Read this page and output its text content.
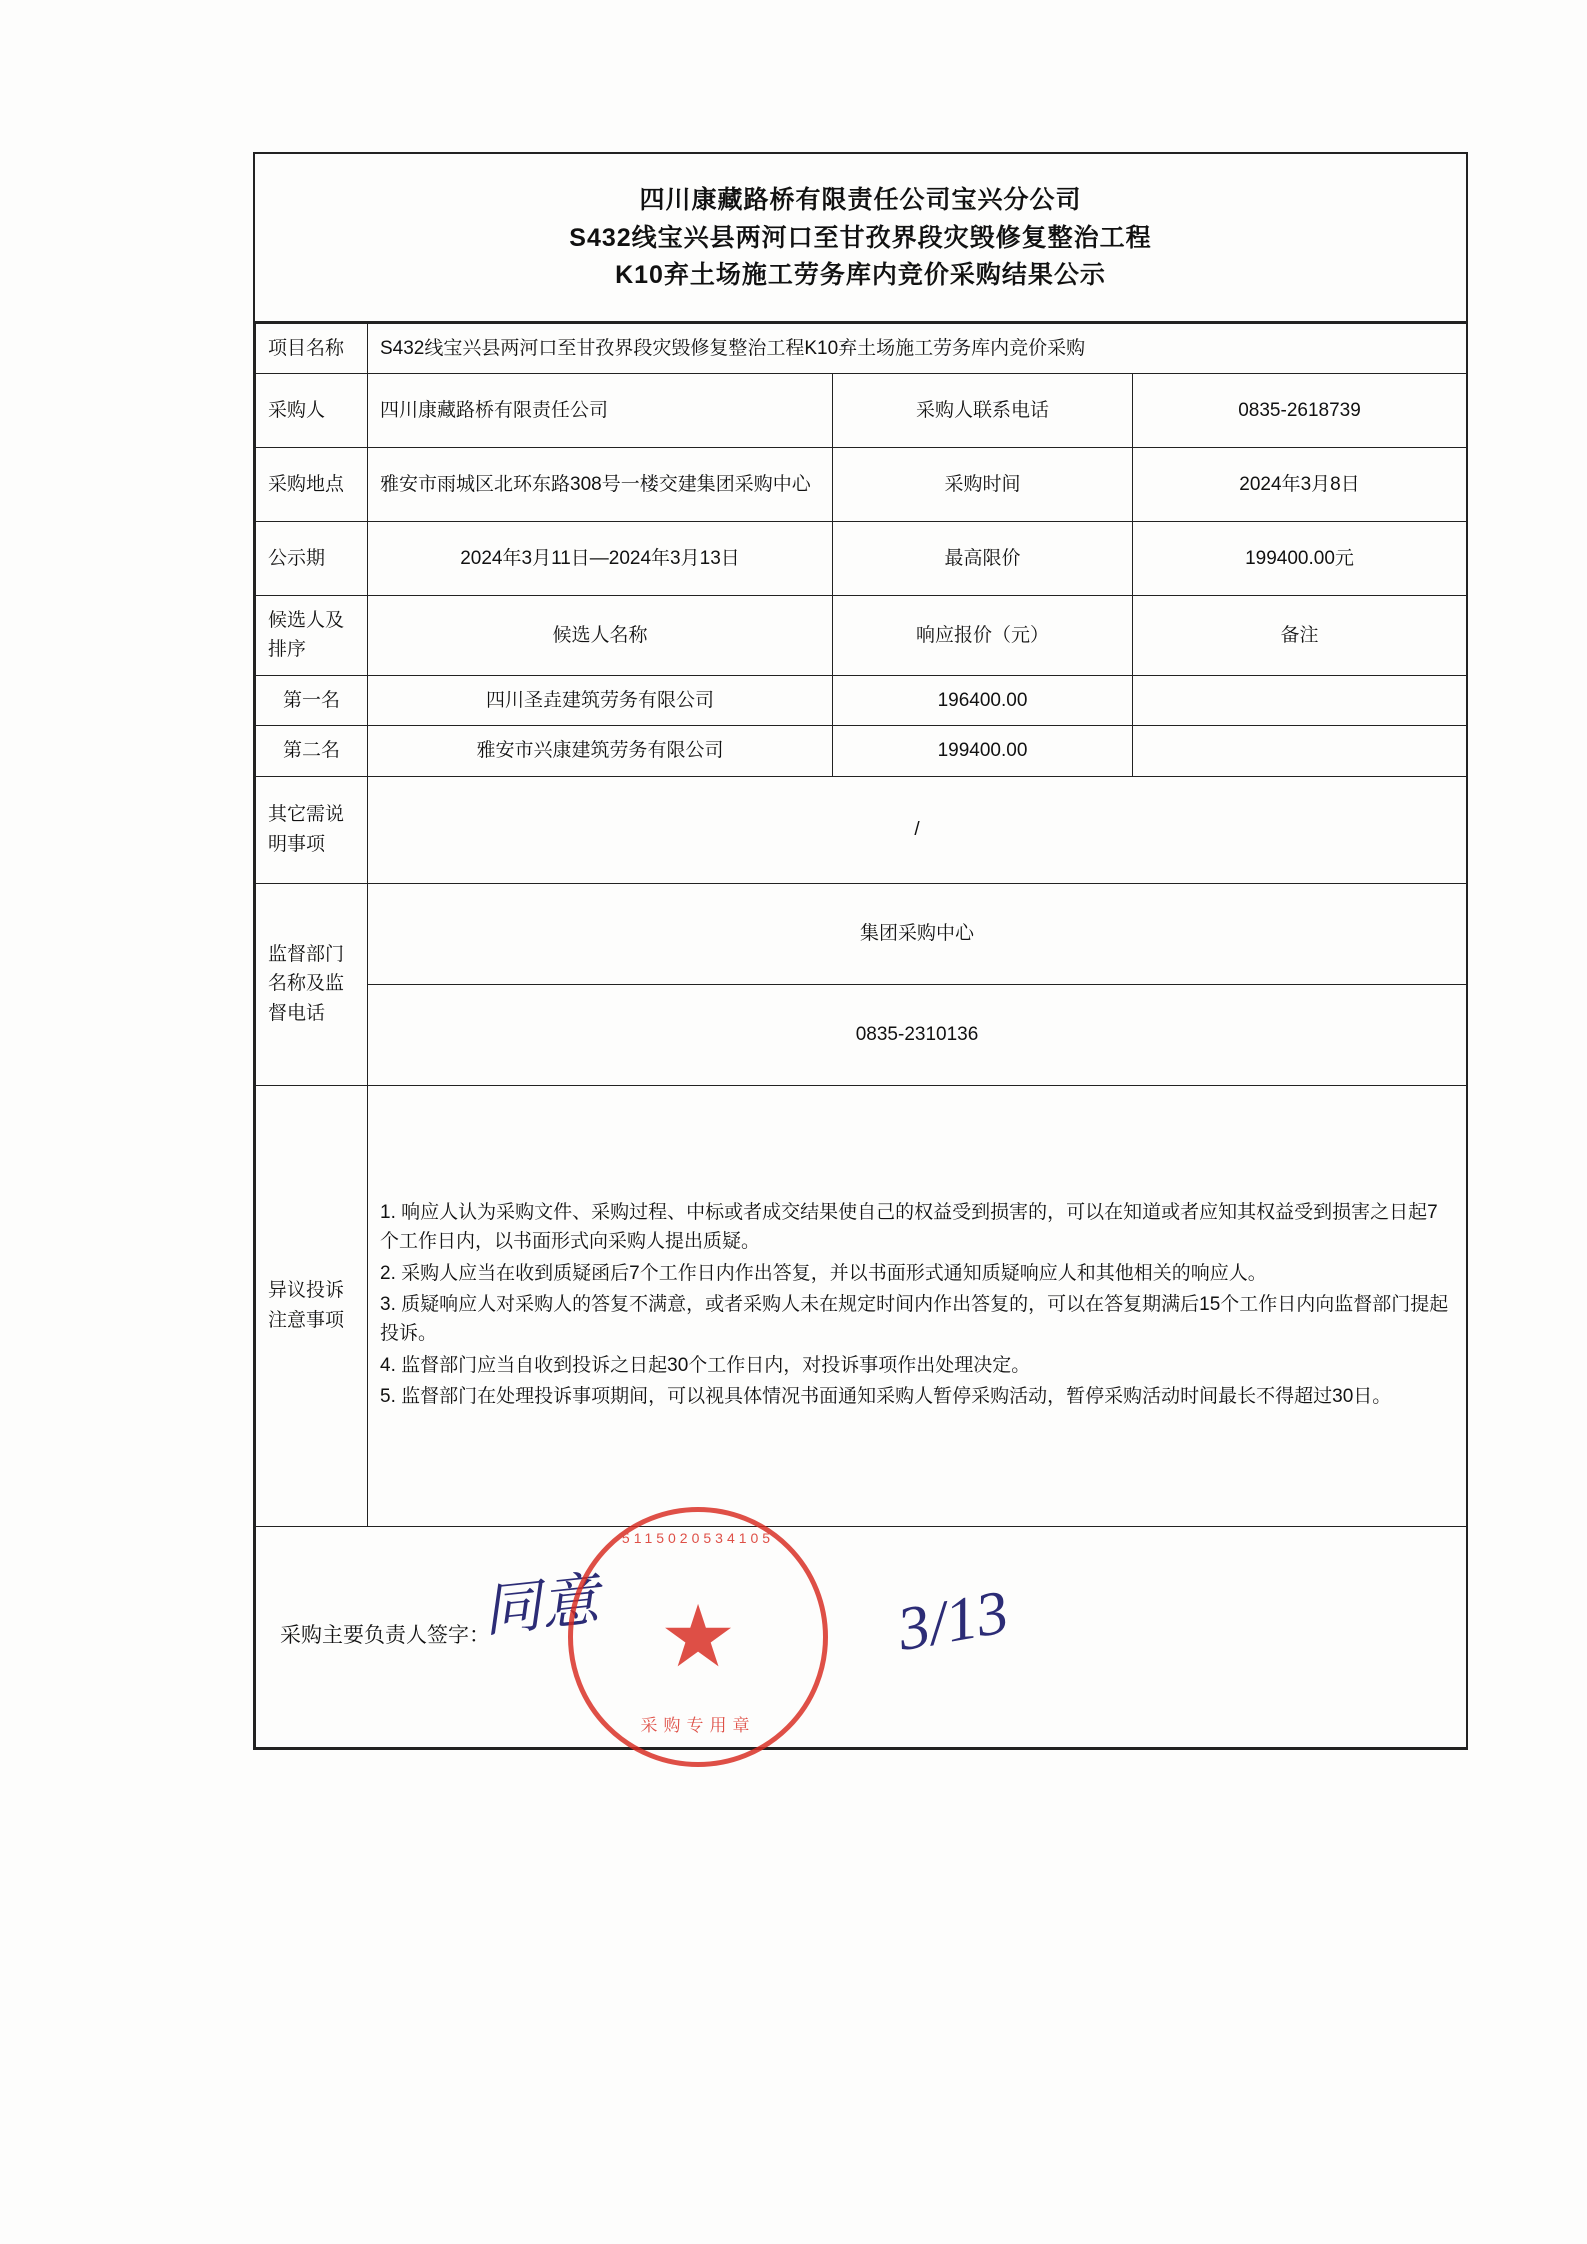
四川康藏路桥有限责任公司宝兴分公司
S432线宝兴县两河口至甘孜界段灾毁修复整治工程
K10弃土场施工劳务库内竞价采购结果公示
项目名称	S432线宝兴县两河口至甘孜界段灾毁修复整治工程K10弃土场施工劳务库内竞价采购		
采购人	四川康藏路桥有限责任公司	采购人联系电话	0835-2618739
采购地点	雅安市雨城区北环东路308号一楼交建集团采购中心	采购时间	2024年3月8日
公示期	2024年3月11日—2024年3月13日	最高限价	199400.00元
候选人及排序	候选人名称	响应报价（元）	备注
第一名	四川圣垚建筑劳务有限公司	196400.00	
第二名	雅安市兴康建筑劳务有限公司	199400.00	
其它需说明事项	/		
监督部门名称及监督电话	集团采购中心		
	0835-2310136		
异议投诉注意事项	1. 响应人认为采购文件、采购过程、中标或者成交结果使自己的权益受到损害的，可以在知道或者应知其权益受到损害之日起7个工作日内，以书面形式向采购人提出质疑。

2. 采购人应当在收到质疑函后7个工作日内作出答复，并以书面形式通知质疑响应人和其他相关的响应人。

3. 质疑响应人对采购人的答复不满意，或者采购人未在规定时间内作出答复的，可以在答复期满后15个工作日内向监督部门提起投诉。

4. 监督部门应当自收到投诉之日起30个工作日内，对投诉事项作出处理决定。

5. 监督部门在处理投诉事项期间，可以视具体情况书面通知采购人暂停采购活动，暂停采购活动时间最长不得超过30日。		

采购主要负责人签字：
同意	3/13
5115020534105
★
采购专用章
